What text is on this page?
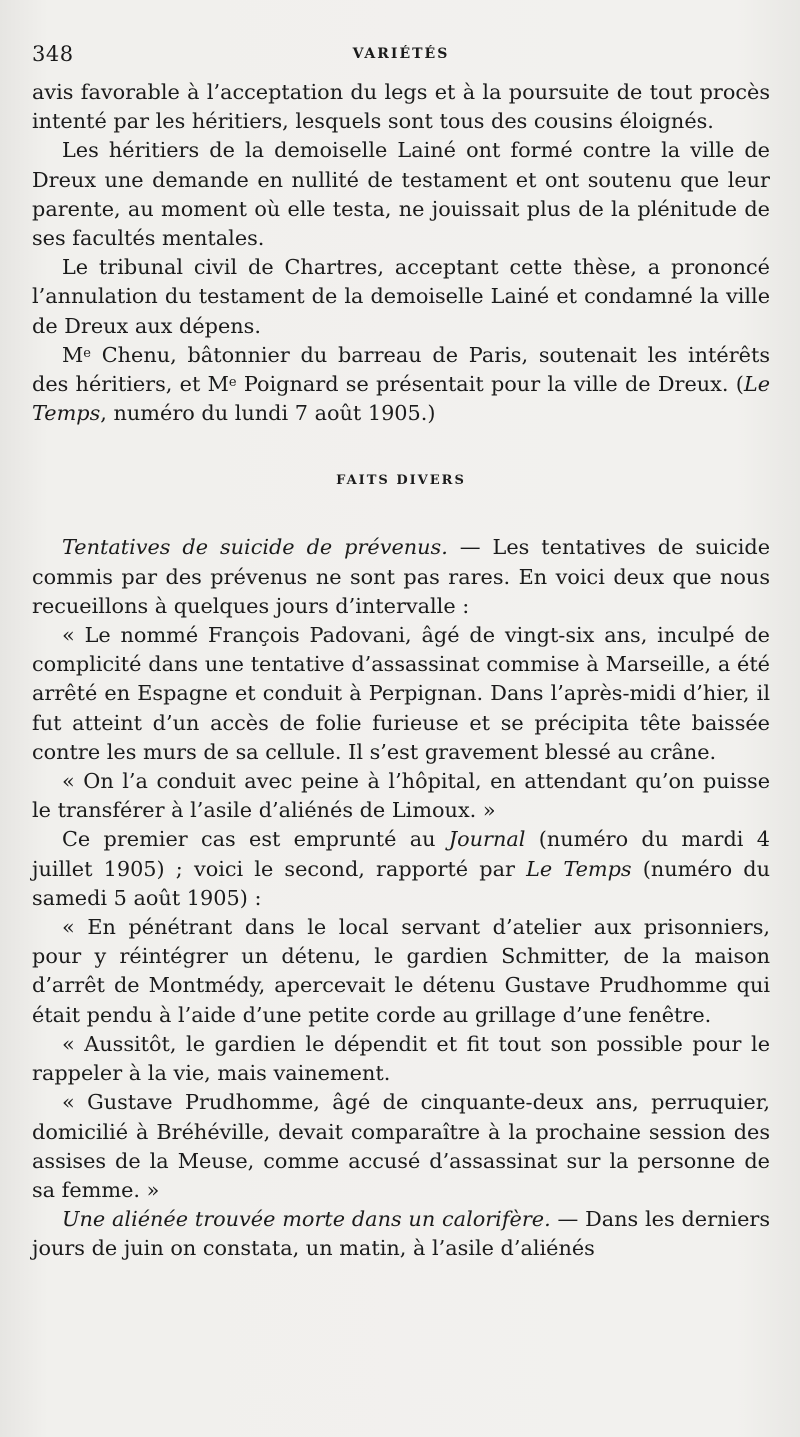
348	VARIÉTÉS

avis favorable à l’acceptation du legs et à la poursuite de tout procès intenté par les héritiers, lesquels sont tous des cousins éloignés.

Les héritiers de la demoiselle Lainé ont formé contre la ville de Dreux une demande en nullité de testament et ont soutenu que leur parente, au moment où elle testa, ne jouissait plus de la plénitude de ses facultés mentales.

Le tribunal civil de Chartres, acceptant cette thèse, a prononcé l’annulation du testament de la demoiselle Lainé et condamné la ville de Dreux aux dépens.

Me Chenu, bâtonnier du barreau de Paris, soutenait les intérêts des héritiers, et Me Poignard se présentait pour la ville de Dreux. (Le Temps, numéro du lundi 7 août 1905.)

FAITS DIVERS

Tentatives de suicide de prévenus. — Les tentatives de suicide commis par des prévenus ne sont pas rares. En voici deux que nous recueillons à quelques jours d’intervalle :

« Le nommé François Padovani, âgé de vingt-six ans, inculpé de complicité dans une tentative d’assassinat commise à Marseille, a été arrêté en Espagne et conduit à Perpignan. Dans l’après-midi d’hier, il fut atteint d’un accès de folie furieuse et se précipita tête baissée contre les murs de sa cellule. Il s’est gravement blessé au crâne.

« On l’a conduit avec peine à l’hôpital, en attendant qu’on puisse le transférer à l’asile d’aliénés de Limoux. »

Ce premier cas est emprunté au Journal (numéro du mardi 4 juillet 1905) ; voici le second, rapporté par Le Temps (numéro du samedi 5 août 1905) :

« En pénétrant dans le local servant d’atelier aux prisonniers, pour y réintégrer un détenu, le gardien Schmitter, de la maison d’arrêt de Montmédy, apercevait le détenu Gustave Prudhomme qui était pendu à l’aide d’une petite corde au grillage d’une fenêtre.

« Aussitôt, le gardien le dépendit et fit tout son possible pour le rappeler à la vie, mais vainement.

« Gustave Prudhomme, âgé de cinquante-deux ans, perruquier, domicilié à Bréhéville, devait comparaître à la prochaine session des assises de la Meuse, comme accusé d’assassinat sur la personne de sa femme. »

Une aliénée trouvée morte dans un calorifère. — Dans les derniers jours de juin on constata, un matin, à l’asile d’aliénés
